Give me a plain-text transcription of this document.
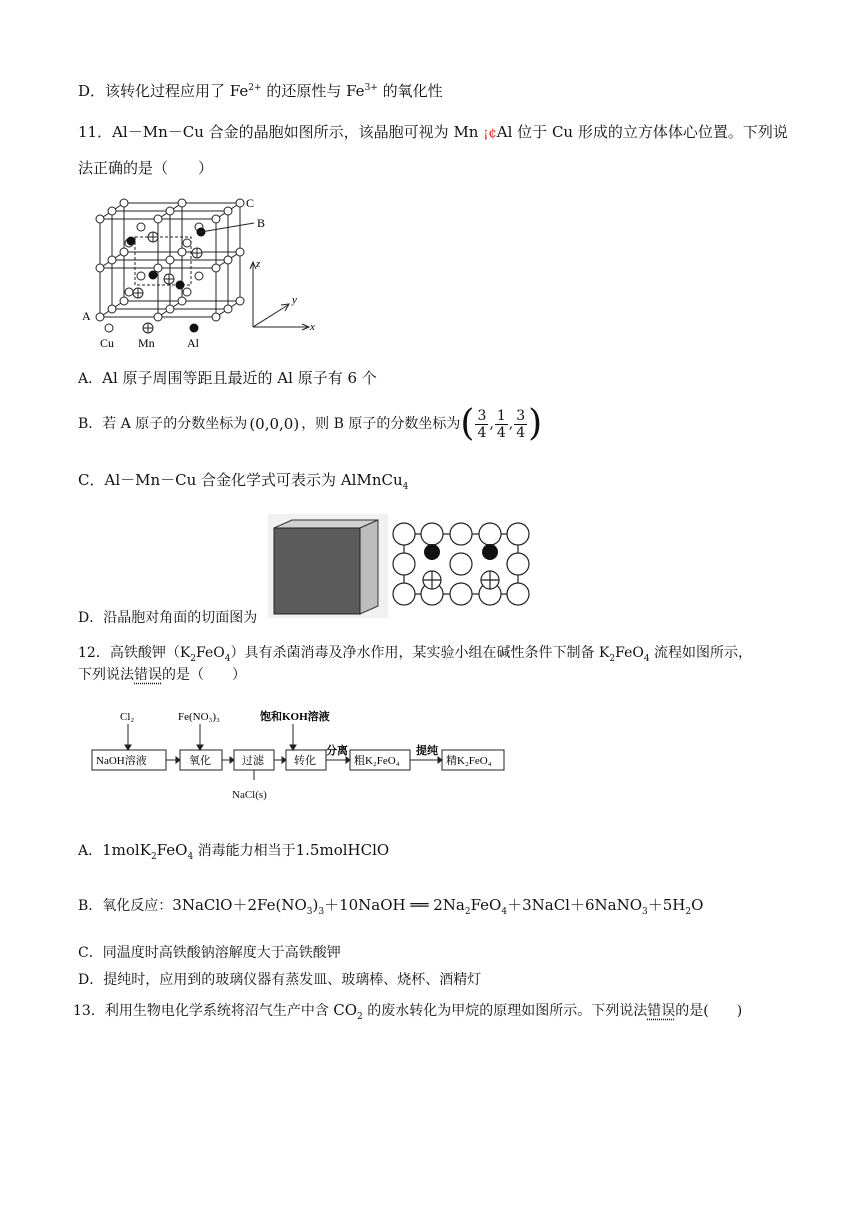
D．该转化过程应用了 $Fe^{2+}$ 的还原性与 $Fe^{3+}$ 的氧化性
11．Al－Mn－Cu 合金的晶胞如图所示，该晶胞可视为 Mn ¡¢Al 位于 Cu 形成的立方体体心位置。下列说
法正确的是（　　）
C
B
A
z
y
x
Cu Mn	Al
A．Al 原子周围等距且最近的 Al 原子有 6 个
B．若 A 原子的分数坐标为 (0,0,0) ，则 B 原子的分数坐标为 ( $\frac{3}{4}$ , $\frac{1}{4}$ , $\frac{3}{4}$ )
C．Al－Mn－Cu 合金化学式可表示为 AlMnCu$_4$
D．沿晶胞对角面的切面图为
12．高铁酸钾$(K_2FeO_4)$具有杀菌消毒及净水作用，某实验小组在碱性条件下制备 $K_2FeO_4$ 流程如图所示，
下列说法错误的是（　　）
Cl₂	Fe(NO₃)₃	饱和KOH溶液
NaOH溶液	氧化	过滤	转化	粗K₂FeO₄	精K₂FeO₄
分离	提纯
NaCl(s)
A．1molK$_2$FeO$_4$ 消毒能力相当于1.5molHClO
B．氧化反应：$3NaClO+2Fe(NO_3)_3+10NaOH$ ══ $2Na_2FeO_4+3NaCl+6NaNO_3+5H_2O$
C．同温度时高铁酸钠溶解度大于高铁酸钾
D．提纯时，应用到的玻璃仪器有蒸发皿、玻璃棒、烧杯、酒精灯
13．利用生物电化学系统将沼气生产中含 $CO_2$ 的废水转化为甲烷的原理如图所示。下列说法错误的是(　　)
